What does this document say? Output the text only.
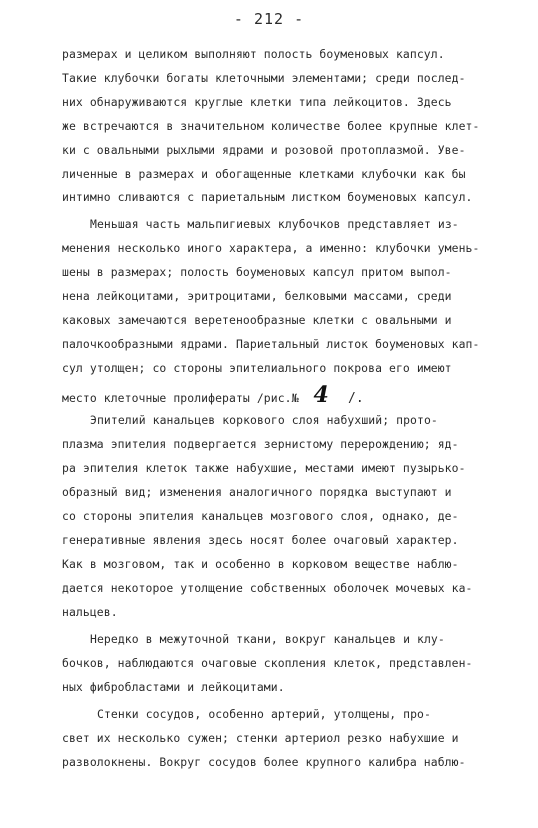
- 212 -
размерах и целиком выполняют полость боуменовых капсул.
Такие клубочки богаты клеточными элементами; среди послед-
них обнаруживаются круглые клетки типа лейкоцитов. Здесь
же встречаются в значительном количестве более крупные клет-
ки с овальными рыхлыми ядрами и розовой протоплазмой. Уве-
личенные в размерах и обогащенные клетками клубочки как бы
интимно сливаются с париетальным листком боуменовых капсул.
Меньшая часть мальпигиевых клубочков представляет из-
менения несколько иного характера, а именно: клубочки умень-
шены в размерах; полость боуменовых капсул притом выпол-
нена лейкоцитами, эритроцитами, белковыми массами, среди
каковых замечаются веретенообразные клетки с овальными и
палочкообразными ядрами. Париетальный листок боуменовых кап-
сул утолщен; со стороны эпителиального покрова его имеют
место клеточные пролифераты /рис.№ 4 /.
Эпителий канальцев коркового слоя набухший; прото-
плазма эпителия подвергается зернистому перерождению; яд-
ра эпителия клеток также набухшие, местами имеют пузырько-
образный вид; изменения аналогичного порядка выступают и
со стороны эпителия канальцев мозгового слоя, однако, де-
генеративные явления здесь носят более очаговый характер.
Как в мозговом, так и особенно в корковом веществе наблю-
дается некоторое утолщение собственных оболочек мочевых ка-
нальцев.
Нередко в межуточной ткани, вокруг канальцев и клу-
бочков, наблюдаются очаговые скопления клеток, представлен-
ных фибробластами и лейкоцитами.
Стенки сосудов, особенно артерий, утолщены, про-
свет их несколько сужен; стенки артериол резко набухшие и
разволокнены. Вокруг сосудов более крупного калибра наблю-
